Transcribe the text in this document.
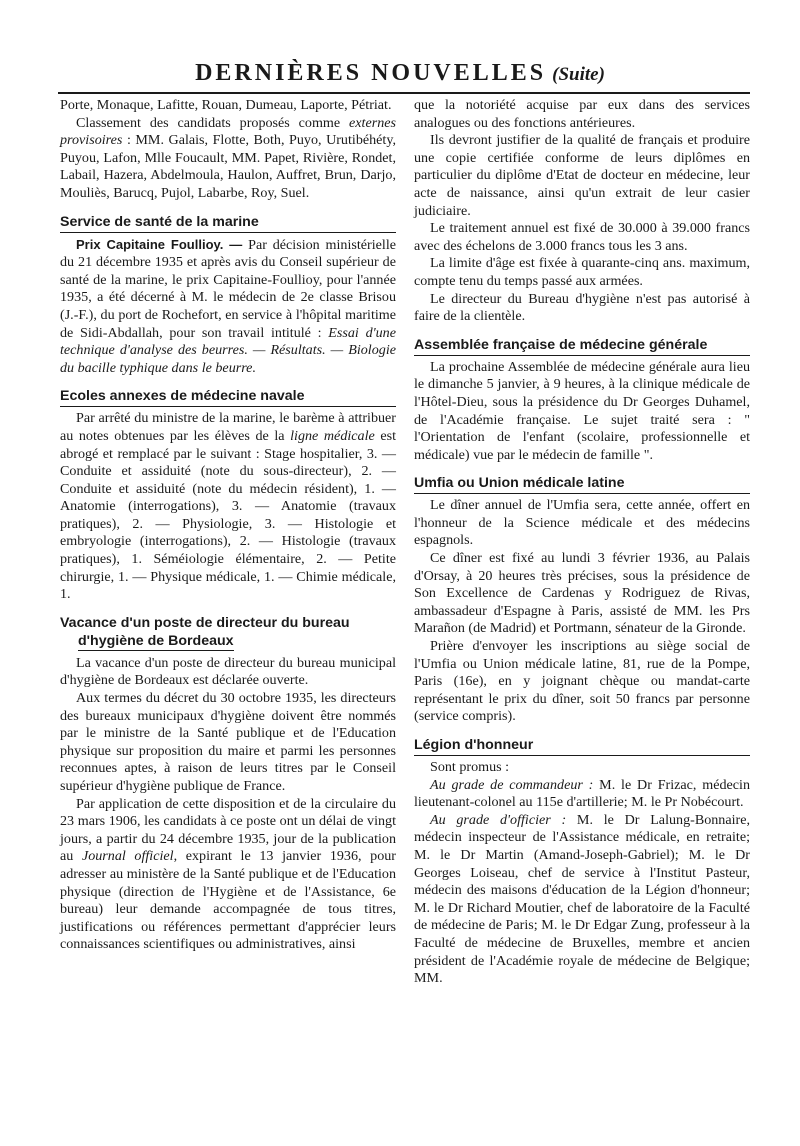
DERNIÈRES NOUVELLES (Suite)

Porte, Monaque, Lafitte, Rouan, Dumeau, Laporte, Pétriat.

Classement des candidats proposés comme externes provisoires : MM. Galais, Flotte, Both, Puyo, Urutibéhéty, Puyou, Lafon, Mlle Foucault, MM. Papet, Rivière, Rondet, Labail, Hazera, Abdelmoula, Haulon, Auffret, Brun, Darjo, Mouliès, Barucq, Pujol, Labarbe, Roy, Suel.

Service de santé de la marine

Prix Capitaine Foullioy. — Par décision ministérielle du 21 décembre 1935 et après avis du Conseil supérieur de santé de la marine, le prix Capitaine-Foullioy, pour l'année 1935, a été décerné à M. le médecin de 2e classe Brisou (J.-F.), du port de Rochefort, en service à l'hôpital maritime de Sidi-Abdallah, pour son travail intitulé : Essai d'une technique d'analyse des beurres. — Résultats. — Biologie du bacille typhique dans le beurre.

Ecoles annexes de médecine navale

Par arrêté du ministre de la marine, le barème à attribuer au notes obtenues par les élèves de la ligne médicale est abrogé et remplacé par le suivant : Stage hospitalier, 3. — Conduite et assiduité (note du sous-directeur), 2. — Conduite et assiduité (note du médecin résident), 1. — Anatomie (interrogations), 3. — Anatomie (travaux pratiques), 2. — Physiologie, 3. — Histologie et embryologie (interrogations), 2. — Histologie (travaux pratiques), 1. Séméiologie élémentaire, 2. — Petite chirurgie, 1. — Physique médicale, 1. — Chimie médicale, 1.

Vacance d'un poste de directeur du bureau
d'hygiène de Bordeaux

La vacance d'un poste de directeur du bureau municipal d'hygiène de Bordeaux est déclarée ouverte.

Aux termes du décret du 30 octobre 1935, les directeurs des bureaux municipaux d'hygiène doivent être nommés par le ministre de la Santé publique et de l'Education physique sur proposition du maire et parmi les personnes reconnues aptes, à raison de leurs titres par le Conseil supérieur d'hygiène publique de France.

Par application de cette disposition et de la circulaire du 23 mars 1906, les candidats à ce poste ont un délai de vingt jours, a partir du 24 décembre 1935, jour de la publication au Journal officiel, expirant le 13 janvier 1936, pour adresser au ministère de la Santé publique et de l'Education physique (direction de l'Hygiène et de l'Assistance, 6e bureau) leur demande accompagnée de tous titres, justifications ou références permettant d'apprécier leurs connaissances scientifiques ou administratives, ainsi

que la notoriété acquise par eux dans des services analogues ou des fonctions antérieures.

Ils devront justifier de la qualité de français et produire une copie certifiée conforme de leurs diplômes en particulier du diplôme d'Etat de docteur en médecine, leur acte de naissance, ainsi qu'un extrait de leur casier judiciaire.

Le traitement annuel est fixé de 30.000 à 39.000 francs avec des échelons de 3.000 francs tous les 3 ans.

La limite d'âge est fixée à quarante-cinq ans. maximum, compte tenu du temps passé aux armées.

Le directeur du Bureau d'hygiène n'est pas autorisé à faire de la clientèle.

Assemblée française de médecine générale

La prochaine Assemblée de médecine générale aura lieu le dimanche 5 janvier, à 9 heures, à la clinique médicale de l'Hôtel-Dieu, sous la présidence du Dr Georges Duhamel, de l'Académie française. Le sujet traité sera : " l'Orientation de l'enfant (scolaire, professionnelle et médicale) vue par le médecin de famille ".

Umfia ou Union médicale latine

Le dîner annuel de l'Umfia sera, cette année, offert en l'honneur de la Science médicale et des médecins espagnols.

Ce dîner est fixé au lundi 3 février 1936, au Palais d'Orsay, à 20 heures très précises, sous la présidence de Son Excellence de Cardenas y Rodriguez de Rivas, ambassadeur d'Espagne à Paris, assisté de MM. les Prs Marañon (de Madrid) et Portmann, sénateur de la Gironde.

Prière d'envoyer les inscriptions au siège social de l'Umfia ou Union médicale latine, 81, rue de la Pompe, Paris (16e), en y joignant chèque ou mandat-carte représentant le prix du dîner, soit 50 francs par personne (service compris).

Légion d'honneur

Sont promus :

Au grade de commandeur : M. le Dr Frizac, médecin lieutenant-colonel au 115e d'artillerie; M. le Pr Nobécourt.

Au grade d'officier : M. le Dr Lalung-Bonnaire, médecin inspecteur de l'Assistance médicale, en retraite; M. le Dr Martin (Amand-Joseph-Gabriel); M. le Dr Georges Loiseau, chef de service à l'Institut Pasteur, médecin des maisons d'éducation de la Légion d'honneur; M. le Dr Richard Moutier, chef de laboratoire de la Faculté de médecine de Paris; M. le Dr Edgar Zung, professeur à la Faculté de médecine de Bruxelles, membre et ancien président de l'Académie royale de médecine de Belgique; MM.
